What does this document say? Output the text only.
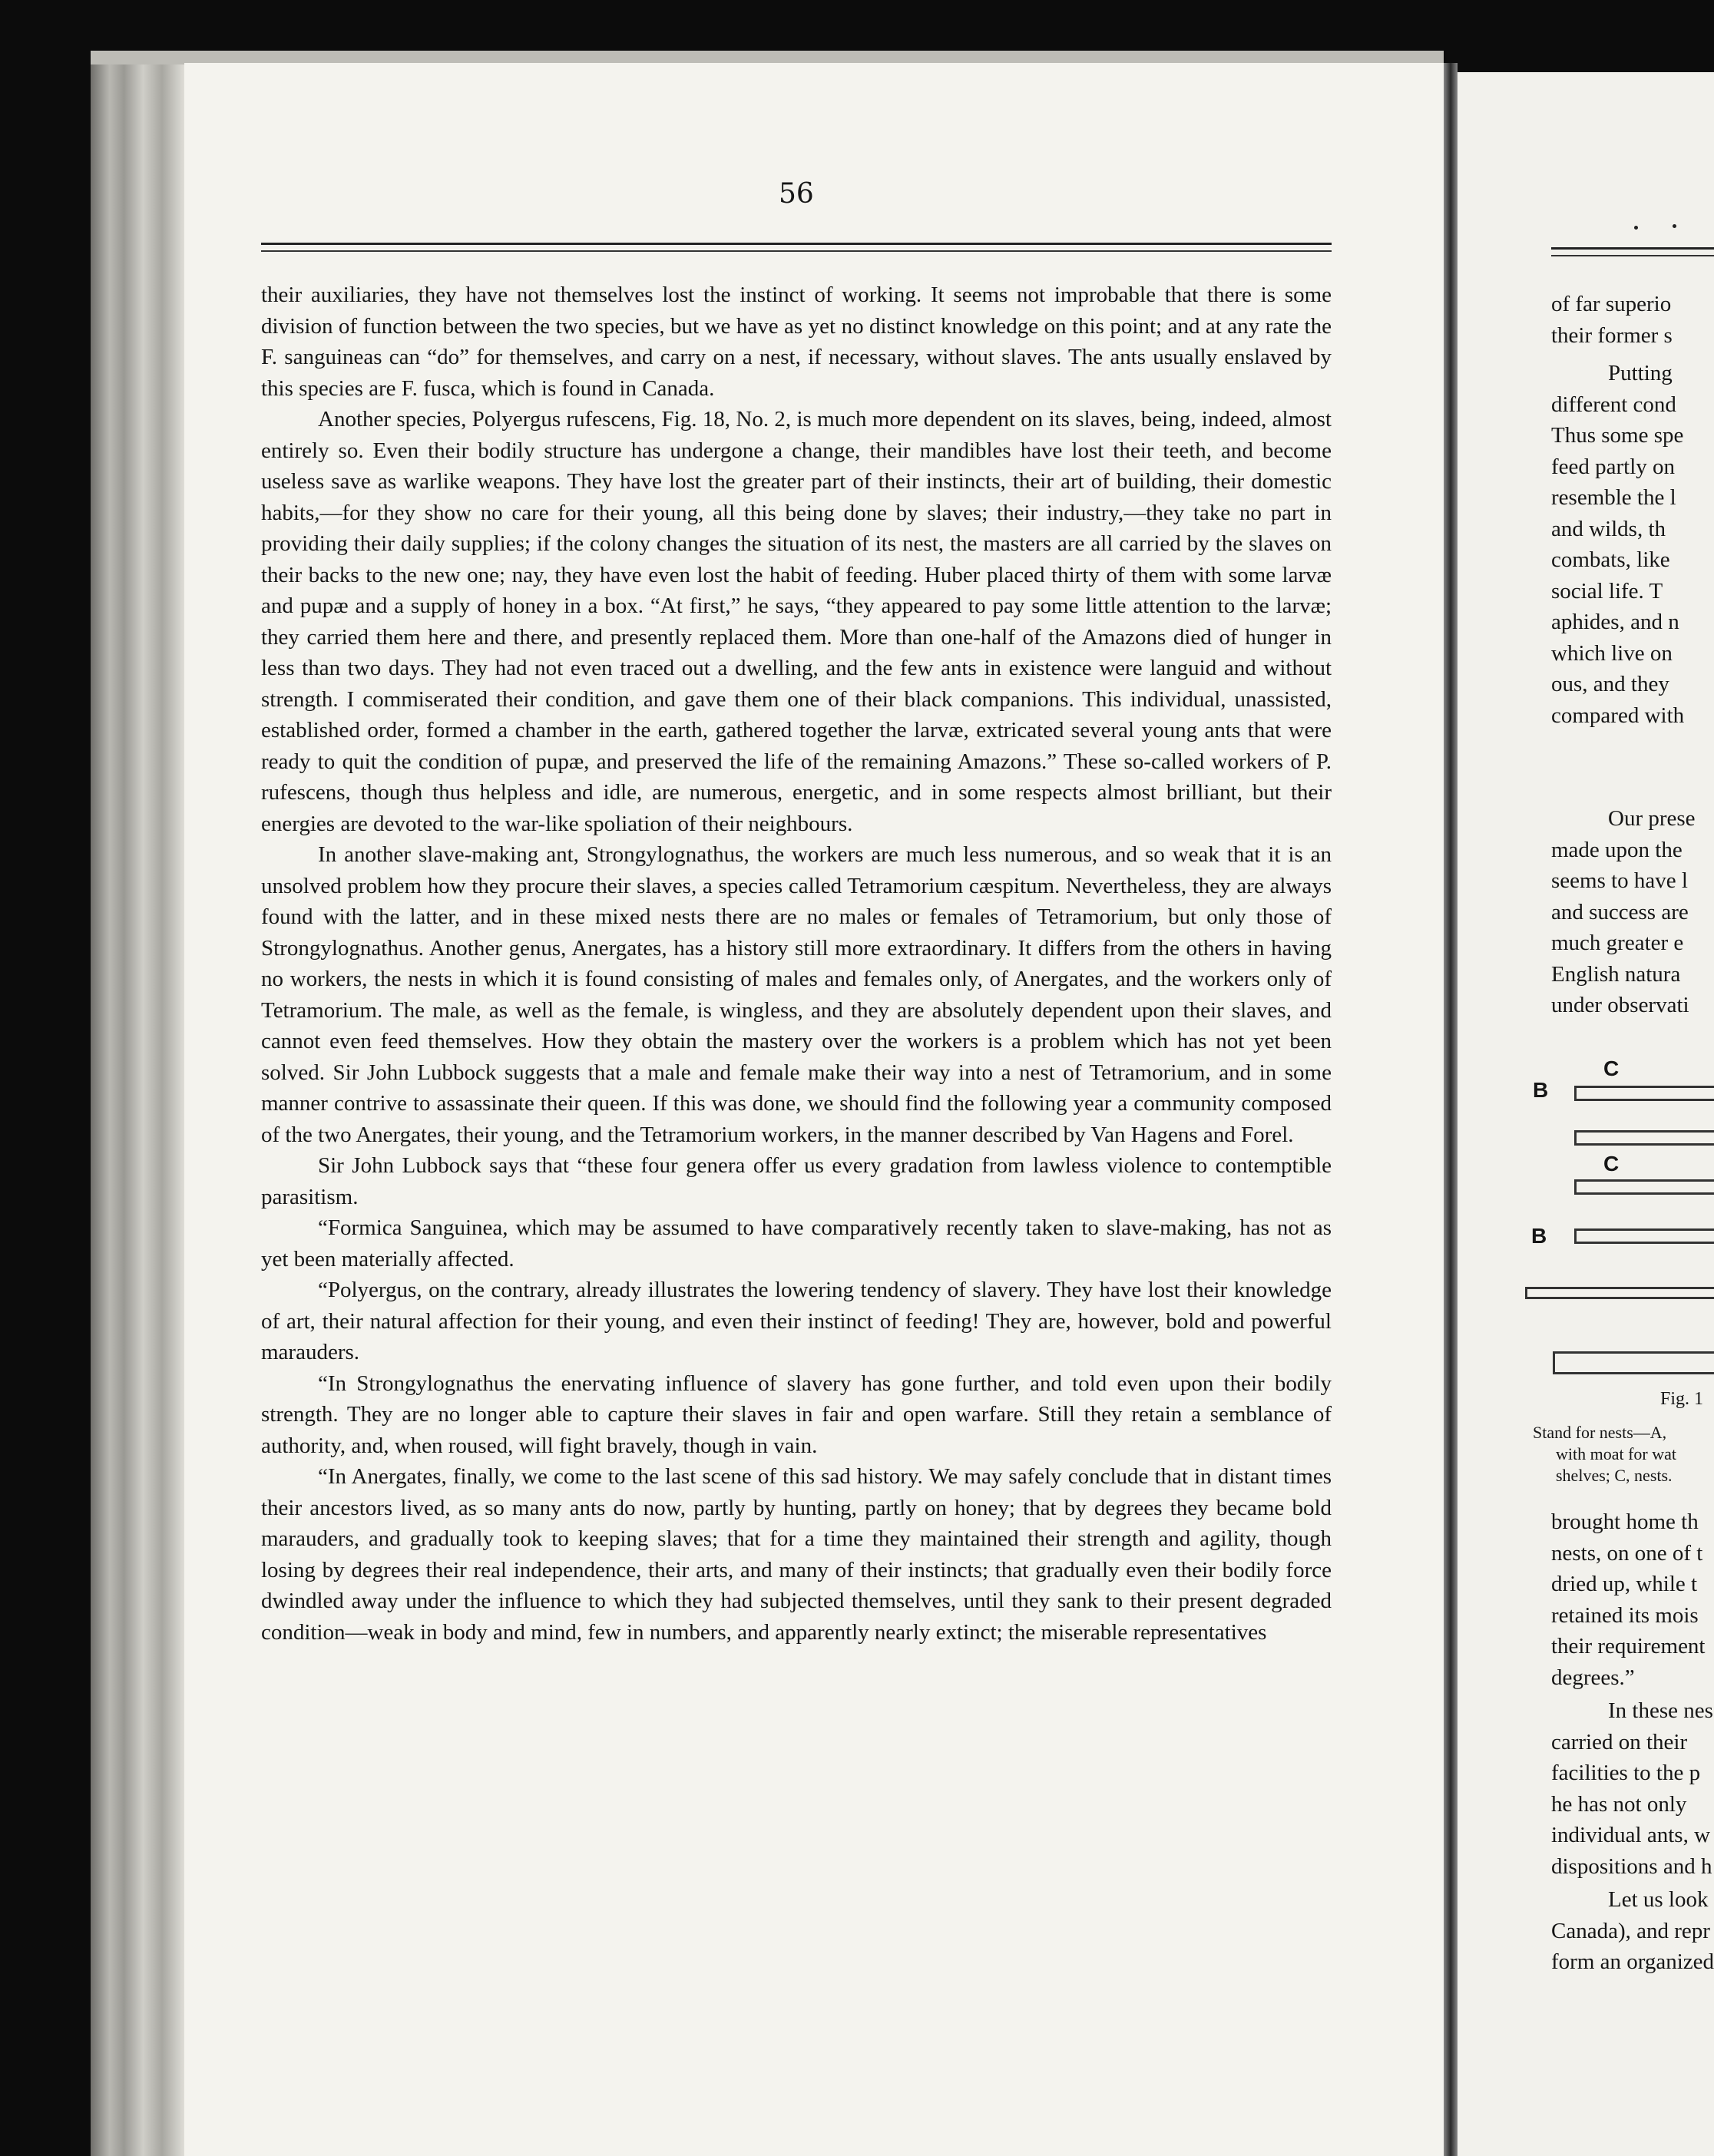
56

their auxiliaries, they have not themselves lost the instinct of working. It seems not improbable that there is some division of function between the two species, but we have as yet no distinct knowledge on this point; and at any rate the F. sanguineas can “do” for themselves, and carry on a nest, if necessary, without slaves. The ants usually enslaved by this species are F. fusca, which is found in Canada.

Another species, Polyergus rufescens, Fig. 18, No. 2, is much more dependent on its slaves, being, indeed, almost entirely so. Even their bodily structure has undergone a change, their mandibles have lost their teeth, and become useless save as warlike weapons. They have lost the greater part of their instincts, their art of building, their domestic habits,—for they show no care for their young, all this being done by slaves; their industry,—they take no part in providing their daily supplies; if the colony changes the situation of its nest, the masters are all carried by the slaves on their backs to the new one; nay, they have even lost the habit of feeding. Huber placed thirty of them with some larvæ and pupæ and a supply of honey in a box. “At first,” he says, “they appeared to pay some little attention to the larvæ; they carried them here and there, and presently replaced them. More than one-half of the Amazons died of hunger in less than two days. They had not even traced out a dwelling, and the few ants in existence were languid and without strength. I commiserated their condition, and gave them one of their black companions. This individual, unassisted, established order, formed a chamber in the earth, gathered together the larvæ, extricated several young ants that were ready to quit the condition of pupæ, and preserved the life of the remaining Amazons.” These so-called workers of P. rufescens, though thus helpless and idle, are numerous, energetic, and in some respects almost brilliant, but their energies are devoted to the war-like spoliation of their neighbours.

In another slave-making ant, Strongylognathus, the workers are much less numerous, and so weak that it is an unsolved problem how they procure their slaves, a species called Tetramorium cæspitum. Nevertheless, they are always found with the latter, and in these mixed nests there are no males or females of Tetramorium, but only those of Strongylognathus. Another genus, Anergates, has a history still more extraordinary. It differs from the others in having no workers, the nests in which it is found consisting of males and females only, of Anergates, and the workers only of Tetramorium. The male, as well as the female, is wingless, and they are absolutely dependent upon their slaves, and cannot even feed themselves. How they obtain the mastery over the workers is a problem which has not yet been solved. Sir John Lubbock suggests that a male and female make their way into a nest of Tetramorium, and in some manner contrive to assassinate their queen. If this was done, we should find the following year a community composed of the two Anergates, their young, and the Tetramorium workers, in the manner described by Van Hagens and Forel.

Sir John Lubbock says that “these four genera offer us every gradation from lawless violence to contemptible parasitism.

“Formica Sanguinea, which may be assumed to have comparatively recently taken to slave-making, has not as yet been materially affected.

“Polyergus, on the contrary, already illustrates the lowering tendency of slavery. They have lost their knowledge of art, their natural affection for their young, and even their instinct of feeding! They are, however, bold and powerful marauders.

“In Strongylognathus the enervating influence of slavery has gone further, and told even upon their bodily strength. They are no longer able to capture their slaves in fair and open warfare. Still they retain a semblance of authority, and, when roused, will fight bravely, though in vain.

“In Anergates, finally, we come to the last scene of this sad history. We may safely conclude that in distant times their ancestors lived, as so many ants do now, partly by hunting, partly on honey; that by degrees they became bold marauders, and gradually took to keeping slaves; that for a time they maintained their strength and agility, though losing by degrees their real independence, their arts, and many of their instincts; that gradually even their bodily force dwindled away under the influence to which they had subjected themselves, until they sank to their present degraded condition—weak in body and mind, few in numbers, and apparently nearly extinct; the miserable representatives

of far superio
their former s
Putting
different cond
Thus some spe
feed partly on
resemble the l
and wilds, th
combats, like
social life. T
aphides, and n
which live on
ous, and they
compared with
Our prese
made upon the
seems to have l
and success are
much greater e
English natura
under observati
C
B
C
B
Fig. 1
Stand for nests—A,
with moat for wat
shelves; C, nests.
brought home th
nests, on one of t
dried up, while t
retained its mois
their requirement
degrees.”
In these nes
carried on their
facilities to the p
he has not only
individual ants, w
dispositions and h
Let us look
Canada), and repr
form an organized
